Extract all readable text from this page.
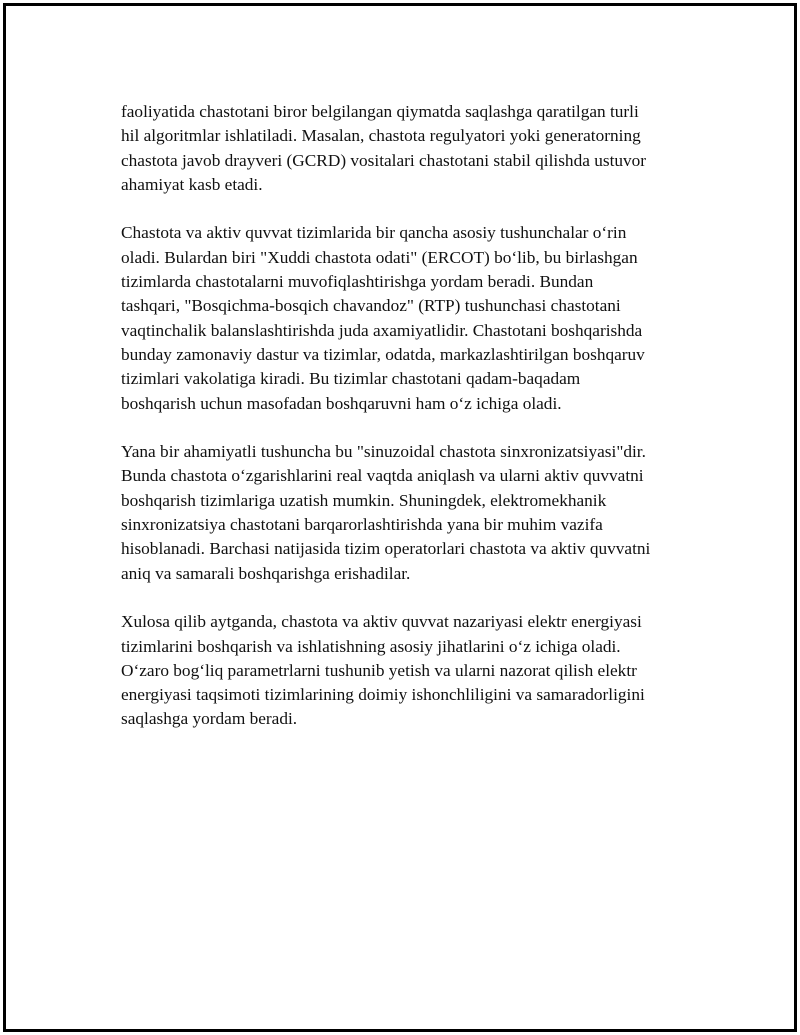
faoliyatida chastotani biror belgilangan qiymatda saqlashga qaratilgan turli
hil algoritmlar ishlatiladi. Masalan, chastota regulyatori yoki generatorning
chastota javob drayveri (GCRD) vositalari chastotani stabil qilishda ustuvor
ahamiyat kasb etadi.

Chastota va aktiv quvvat tizimlarida bir qancha asosiy tushunchalar o‘rin
oladi. Bulardan biri "Xuddi chastota odati" (ERCOT) bo‘lib, bu birlashgan
tizimlarda chastotalarni muvofiqlashtirishga yordam beradi. Bundan
tashqari, "Bosqichma-bosqich chavandoz" (RTP) tushunchasi chastotani
vaqtinchalik balanslashtirishda juda axamiyatlidir. Chastotani boshqarishda
bunday zamonaviy dastur va tizimlar, odatda, markazlashtirilgan boshqaruv
tizimlari vakolatiga kiradi. Bu tizimlar chastotani qadam-baqadam
boshqarish uchun masofadan boshqaruvni ham o‘z ichiga oladi.

Yana bir ahamiyatli tushuncha bu "sinuzoidal chastota sinxronizatsiyasi"dir.
Bunda chastota o‘zgarishlarini real vaqtda aniqlash va ularni aktiv quvvatni
boshqarish tizimlariga uzatish mumkin. Shuningdek, elektromekhanik
sinxronizatsiya chastotani barqarorlashtirishda yana bir muhim vazifa
hisoblanadi. Barchasi natijasida tizim operatorlari chastota va aktiv quvvatni
aniq va samarali boshqarishga erishadilar.

Xulosa qilib aytganda, chastota va aktiv quvvat nazariyasi elektr energiyasi
tizimlarini boshqarish va ishlatishning asosiy jihatlarini o‘z ichiga oladi.
O‘zaro bog‘liq parametrlarni tushunib yetish va ularni nazorat qilish elektr
energiyasi taqsimoti tizimlarining doimiy ishonchliligini va samaradorligini
saqlashga yordam beradi.
